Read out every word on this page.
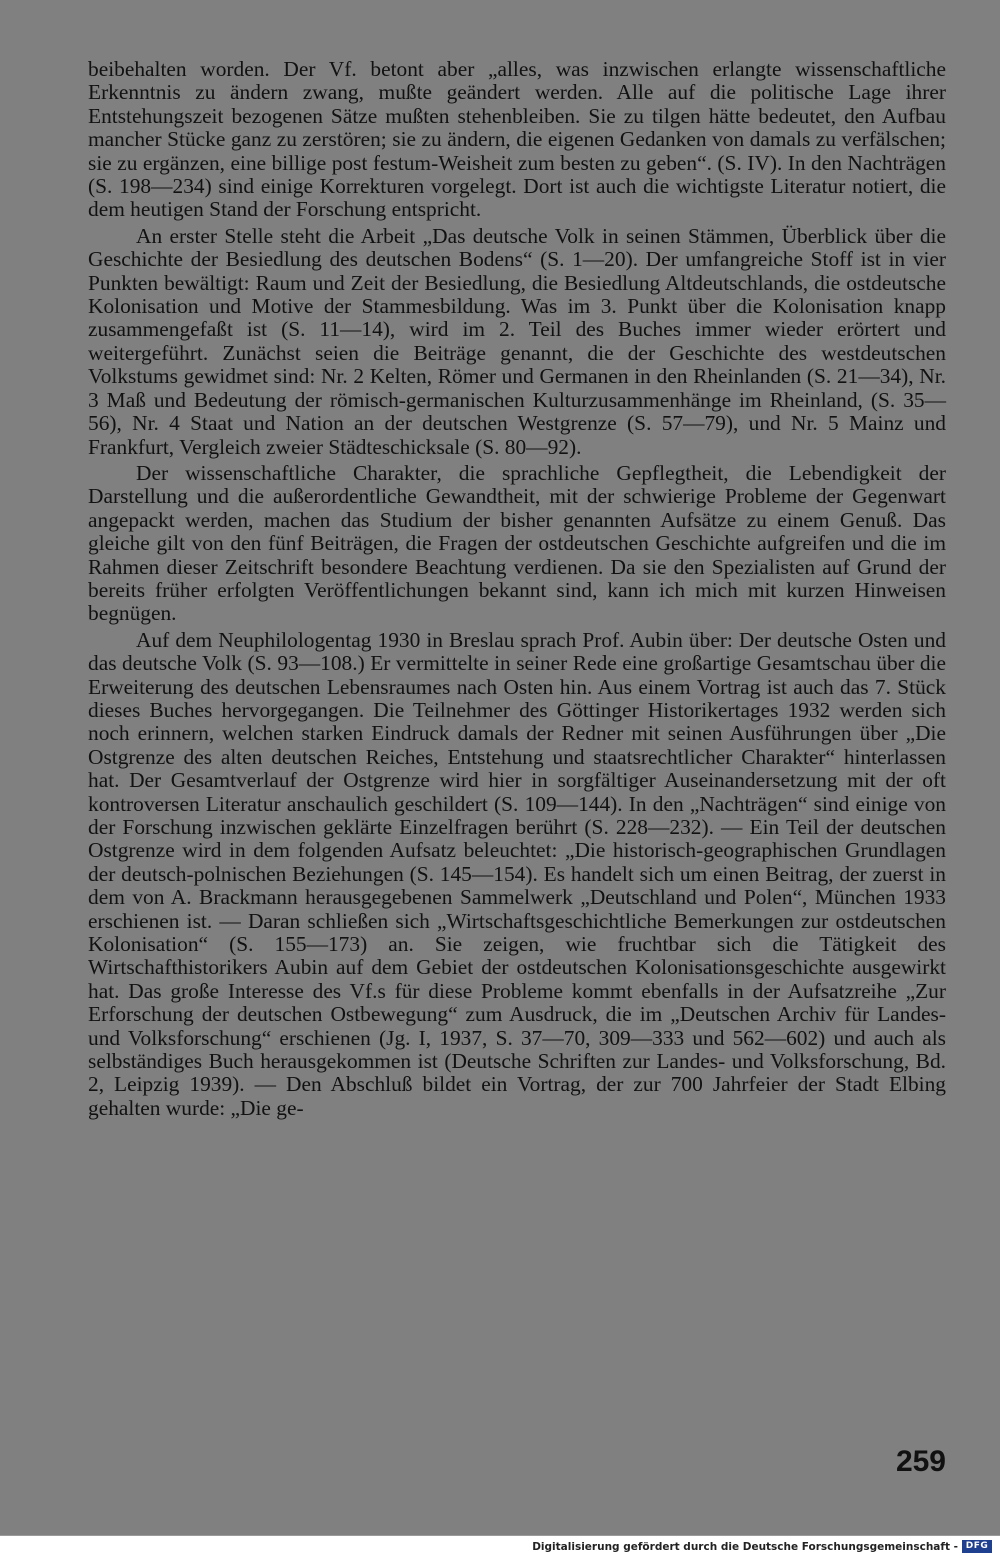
beibehalten worden. Der Vf. betont aber „alles, was inzwischen erlangte wissenschaftliche Erkenntnis zu ändern zwang, mußte geändert werden. Alle auf die politische Lage ihrer Entstehungszeit bezogenen Sätze mußten stehenbleiben. Sie zu tilgen hätte bedeutet, den Aufbau mancher Stücke ganz zu zerstören; sie zu ändern, die eigenen Gedanken von damals zu verfälschen; sie zu ergänzen, eine billige post festum-Weisheit zum besten zu geben“. (S. IV). In den Nachträgen (S. 198—234) sind einige Korrekturen vorgelegt. Dort ist auch die wichtigste Literatur notiert, die dem heutigen Stand der Forschung entspricht.

An erster Stelle steht die Arbeit „Das deutsche Volk in seinen Stämmen, Überblick über die Geschichte der Besiedlung des deutschen Bodens“ (S. 1—20). Der umfangreiche Stoff ist in vier Punkten bewältigt: Raum und Zeit der Besiedlung, die Besiedlung Altdeutschlands, die ostdeutsche Kolonisation und Motive der Stammesbildung. Was im 3. Punkt über die Kolonisation knapp zusammengefaßt ist (S. 11—14), wird im 2. Teil des Buches immer wieder erörtert und weitergeführt. Zunächst seien die Beiträge genannt, die der Geschichte des westdeutschen Volkstums gewidmet sind: Nr. 2 Kelten, Römer und Germanen in den Rheinlanden (S. 21—34), Nr. 3 Maß und Bedeutung der römisch-germanischen Kulturzusammenhänge im Rheinland, (S. 35—56), Nr. 4 Staat und Nation an der deutschen Westgrenze (S. 57—79), und Nr. 5 Mainz und Frankfurt, Vergleich zweier Städteschicksale (S. 80—92).

Der wissenschaftliche Charakter, die sprachliche Gepflegtheit, die Lebendigkeit der Darstellung und die außerordentliche Gewandtheit, mit der schwierige Probleme der Gegenwart angepackt werden, machen das Studium der bisher genannten Aufsätze zu einem Genuß. Das gleiche gilt von den fünf Beiträgen, die Fragen der ostdeutschen Geschichte aufgreifen und die im Rahmen dieser Zeitschrift besondere Beachtung verdienen. Da sie den Spezialisten auf Grund der bereits früher erfolgten Veröffentlichungen bekannt sind, kann ich mich mit kurzen Hinweisen begnügen.

Auf dem Neuphilologentag 1930 in Breslau sprach Prof. Aubin über: Der deutsche Osten und das deutsche Volk (S. 93—108.) Er vermittelte in seiner Rede eine großartige Gesamtschau über die Erweiterung des deutschen Lebensraumes nach Osten hin. Aus einem Vortrag ist auch das 7. Stück dieses Buches hervorgegangen. Die Teilnehmer des Göttinger Historikertages 1932 werden sich noch erinnern, welchen starken Eindruck damals der Redner mit seinen Ausführungen über „Die Ostgrenze des alten deutschen Reiches, Entstehung und staatsrechtlicher Charakter“ hinterlassen hat. Der Gesamtverlauf der Ostgrenze wird hier in sorgfältiger Auseinandersetzung mit der oft kontroversen Literatur anschaulich geschildert (S. 109—144). In den „Nachträgen“ sind einige von der Forschung inzwischen geklärte Einzelfragen berührt (S. 228—232). — Ein Teil der deutschen Ostgrenze wird in dem folgenden Aufsatz beleuchtet: „Die historisch-geographischen Grundlagen der deutsch-polnischen Beziehungen (S. 145—154). Es handelt sich um einen Beitrag, der zuerst in dem von A. Brackmann herausgegebenen Sammelwerk „Deutschland und Polen“, München 1933 erschienen ist. — Daran schließen sich „Wirtschaftsgeschichtliche Bemerkungen zur ostdeutschen Kolonisation“ (S. 155—173) an. Sie zeigen, wie fruchtbar sich die Tätigkeit des Wirtschafthistorikers Aubin auf dem Gebiet der ostdeutschen Kolonisationsgeschichte ausgewirkt hat. Das große Interesse des Vf.s für diese Probleme kommt ebenfalls in der Aufsatzreihe „Zur Erforschung der deutschen Ostbewegung“ zum Ausdruck, die im „Deutschen Archiv für Landes- und Volksforschung“ erschienen (Jg. I, 1937, S. 37—70, 309—333 und 562—602) und auch als selbständiges Buch herausgekommen ist (Deutsche Schriften zur Landes- und Volksforschung, Bd. 2, Leipzig 1939). — Den Abschluß bildet ein Vortrag, der zur 700 Jahrfeier der Stadt Elbing gehalten wurde: „Die ge-

259
Digitalisierung gefördert durch die Deutsche Forschungsgemeinschaft - DFG
